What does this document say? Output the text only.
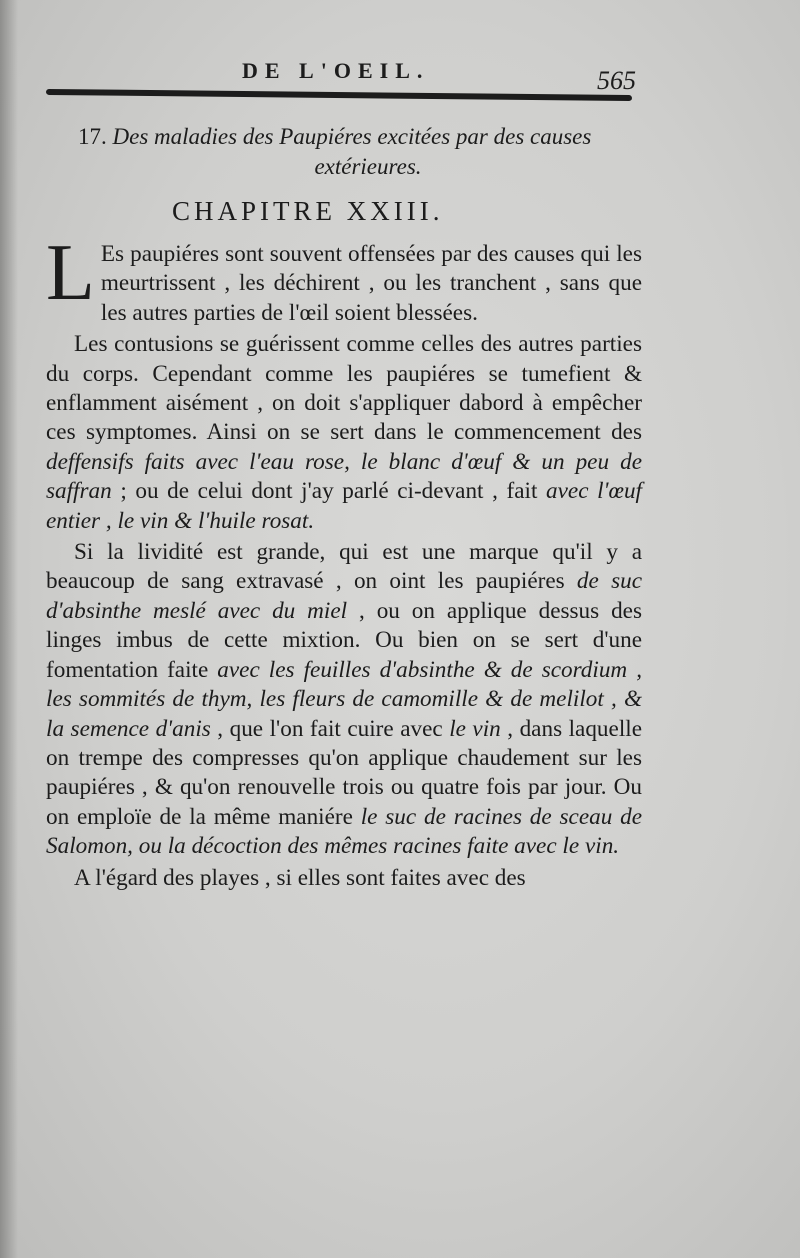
DE L'OEIL.	565
17. Des maladies des Paupiéres excitées par des causes
extérieures.
CHAPITRE XXIII.

L Es paupiéres sont souvent offensées par des causes qui les meurtrissent , les déchirent , ou les tranchent , sans que les autres parties de l'œil soient blessées.

Les contusions se guérissent comme celles des autres parties du corps. Cependant comme les paupiéres se tumefient & enflamment aisément , on doit s'appliquer dabord à empêcher ces symptomes. Ainsi on se sert dans le commencement des deffensifs faits avec l'eau rose, le blanc d'œuf & un peu de saffran ; ou de celui dont j'ay parlé ci-devant , fait avec l'œuf entier , le vin & l'huile rosat.

Si la lividité est grande, qui est une marque qu'il y a beaucoup de sang extravasé , on oint les paupiéres de suc d'absinthe meslé avec du miel , ou on applique dessus des linges imbus de cette mixtion. Ou bien on se sert d'une fomentation faite avec les feuilles d'absinthe & de scordium , les sommités de thym, les fleurs de camomille & de melilot , & la semence d'anis , que l'on fait cuire avec le vin , dans laquelle on trempe des compresses qu'on applique chaudement sur les paupiéres , & qu'on renouvelle trois ou quatre fois par jour. Ou on emploïe de la même maniére le suc de racines de sceau de Salomon, ou la décoction des mêmes racines faite avec le vin.

A l'égard des playes , si elles sont faites avec des
